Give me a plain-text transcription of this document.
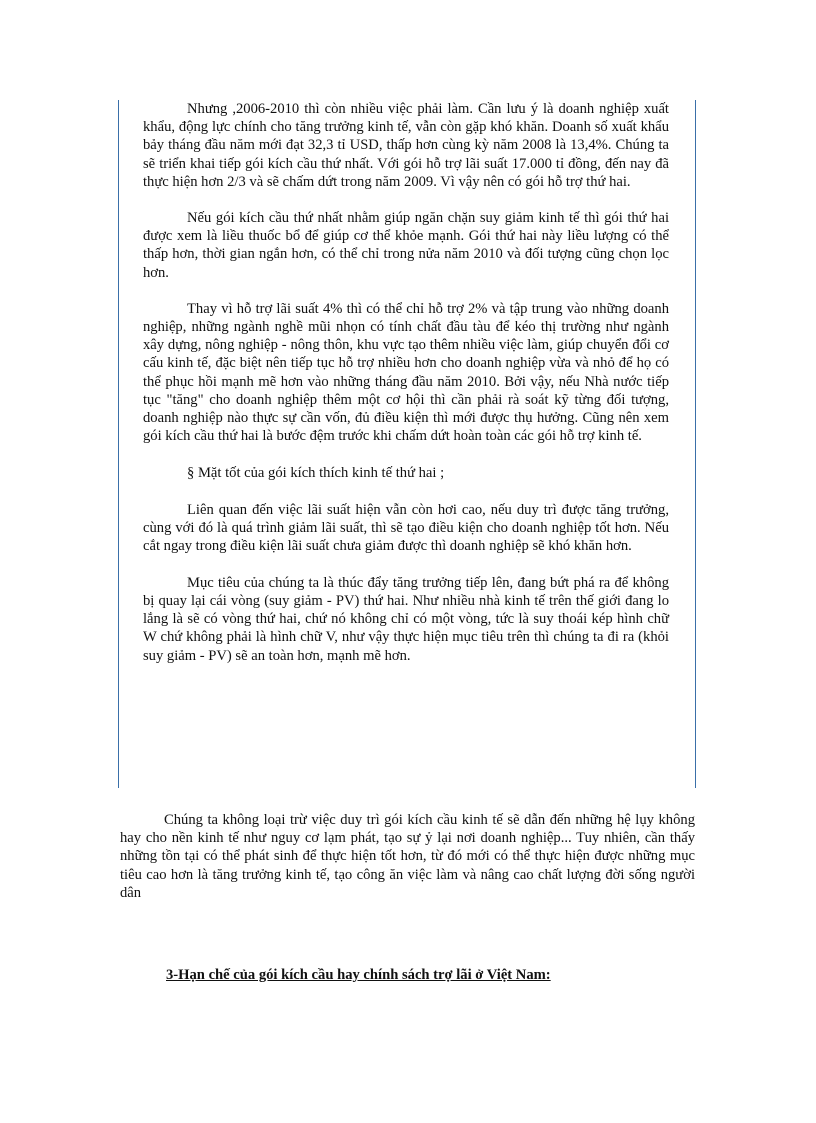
Nhưng ,2006-2010 thì còn nhiều việc phải làm. Cần lưu ý là doanh nghiệp xuất khẩu, động lực chính cho tăng trưởng kinh tế, vẫn còn gặp khó khăn. Doanh số xuất khẩu bảy tháng đầu năm mới đạt 32,3 tỉ USD, thấp hơn cùng kỳ năm 2008 là 13,4%. Chúng ta sẽ triển khai tiếp gói kích cầu thứ nhất. Với gói hỗ trợ lãi suất 17.000 tỉ đồng, đến nay đã thực hiện hơn 2/3 và sẽ chấm dứt trong năm 2009. Vì vậy nên có gói hỗ trợ thứ hai.

Nếu gói kích cầu thứ nhất nhằm giúp ngăn chặn suy giảm kinh tế thì gói thứ hai được xem là liều thuốc bổ để giúp cơ thể khỏe mạnh. Gói thứ hai này liều lượng có thể thấp hơn, thời gian ngắn hơn, có thể chỉ trong nửa năm 2010 và đối tượng cũng chọn lọc hơn.

Thay vì hỗ trợ lãi suất 4% thì có thể chỉ hỗ trợ 2% và tập trung vào những doanh nghiệp, những ngành nghề mũi nhọn có tính chất đầu tàu để kéo thị trường như ngành xây dựng, nông nghiệp - nông thôn, khu vực tạo thêm nhiều việc làm, giúp chuyển đổi cơ cấu kinh tế, đặc biệt nên tiếp tục hỗ trợ nhiều hơn cho doanh nghiệp vừa và nhỏ để họ có thể phục hồi mạnh mẽ hơn vào những tháng đầu năm 2010. Bởi vậy, nếu Nhà nước tiếp tục "tăng" cho doanh nghiệp thêm một cơ hội thì cần phải rà soát kỹ từng đối tượng, doanh nghiệp nào thực sự cần vốn, đủ điều kiện thì mới được thụ hưởng. Cũng nên xem gói kích cầu thứ hai là bước đệm trước khi chấm dứt hoàn toàn các gói hỗ trợ kinh tế.

§ Mặt tốt của gói kích thích kinh tế thứ hai ;

Liên quan đến việc lãi suất hiện vẫn còn hơi cao, nếu duy trì được tăng trưởng, cùng với đó là quá trình giảm lãi suất, thì sẽ tạo điều kiện cho doanh nghiệp tốt hơn. Nếu cắt ngay trong điều kiện lãi suất chưa giảm được thì doanh nghiệp sẽ khó khăn hơn.

Mục tiêu của chúng ta là thúc đẩy tăng trưởng tiếp lên, đang bứt phá ra để không bị quay lại cái vòng (suy giảm - PV) thứ hai. Như nhiều nhà kinh tế trên thế giới đang lo lắng là sẽ có vòng thứ hai, chứ nó không chỉ có một vòng, tức là suy thoái kép hình chữ W chứ không phải là hình chữ V, như vậy thực hiện mục tiêu trên thì chúng ta đi ra (khỏi suy giảm - PV) sẽ an toàn hơn, mạnh mẽ hơn.

Chúng ta không loại trừ việc duy trì gói kích cầu kinh tế sẽ dẫn đến những hệ lụy không hay cho nền kinh tế như nguy cơ lạm phát, tạo sự ỷ lại nơi doanh nghiệp... Tuy nhiên, cần thấy những tồn tại có thể phát sinh để thực hiện tốt hơn, từ đó mới có thể thực hiện được những mục tiêu cao hơn là tăng trưởng kinh tế, tạo công ăn việc làm và nâng cao chất lượng đời sống người dân

3-Hạn chế của gói kích cầu hay chính sách trợ lãi ở Việt Nam:
